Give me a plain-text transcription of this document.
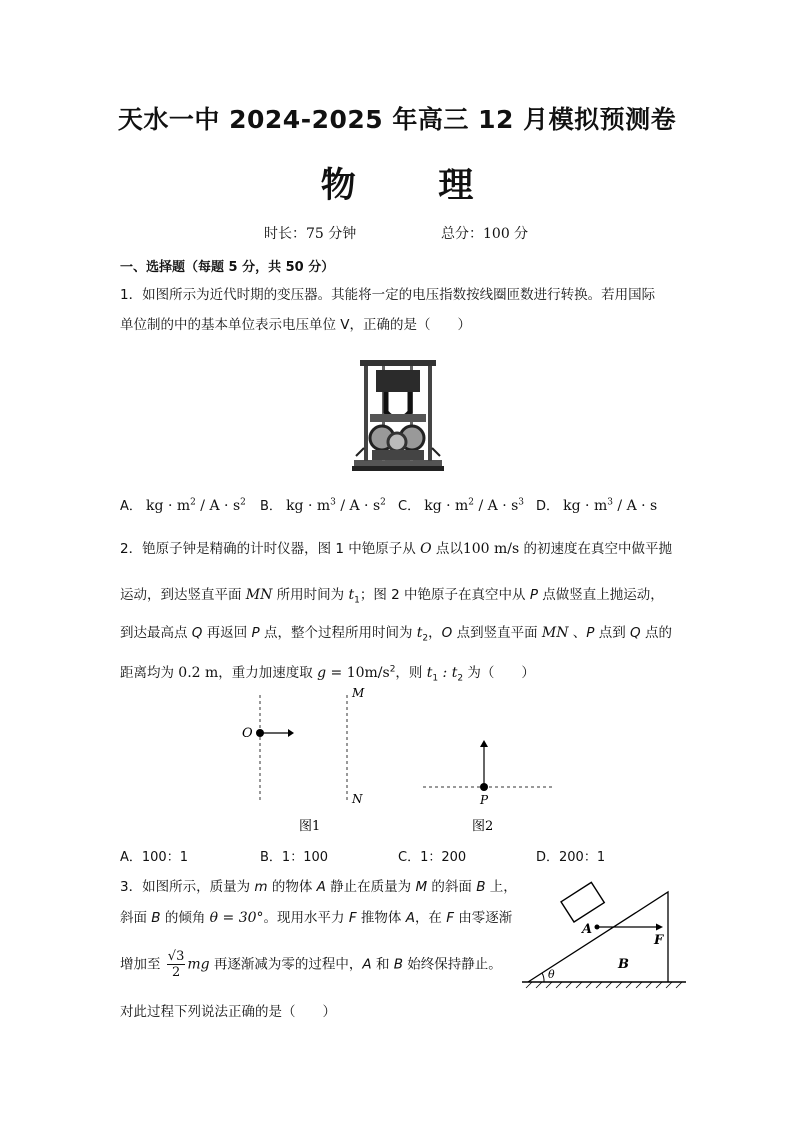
天水一中 2024-2025 年高三 12 月模拟预测卷
物 理
时长：75 分钟	总分：100 分
一、选择题（每题 5 分，共 50 分）
1．如图所示为近代时期的变压器。其能将一定的电压指数按线圈匝数进行转换。若用国际
单位制的中的基本单位表示电压单位 V，正确的是（　　）
A． kg · $m^2 / A \cdot s^2$ B． kg · $m^3 / A \cdot s^2$ C． kg · $m^2 / A \cdot s^3$ D． kg · $m^3 / A \cdot s$
2．铯原子钟是精确的计时仪器，图 1 中铯原子从 O 点以100 m/s 的初速度在真空中做平抛
运动，到达竖直平面 MN 所用时间为 $t_1$；图 2 中铯原子在真空中从 P 点做竖直上抛运动，
到达最高点 Q 再返回 P 点，整个过程所用时间为 $t_2$，O 点到竖直平面 MN 、P 点到 Q 点的
距离均为 0.2 m，重力加速度取 $g = 10m/s^2$，则 $t_1$ : $t_2$ 为（　　）
O
M
N
图1
P
图2
A．100：1	B．1：100	C．1：200	D．200：1
3．如图所示，质量为 m 的物体 A 静止在质量为 M 的斜面 B 上，
斜面 B 的倾角 θ = 30°。现用水平力 F 推物体 A，在 F 由零逐渐
增加至 $\frac{√3}{2}$ mg 再逐渐减为零的过程中，A 和 B 始终保持静止。
对此过程下列说法正确的是（　　）
θ
A
F
B
